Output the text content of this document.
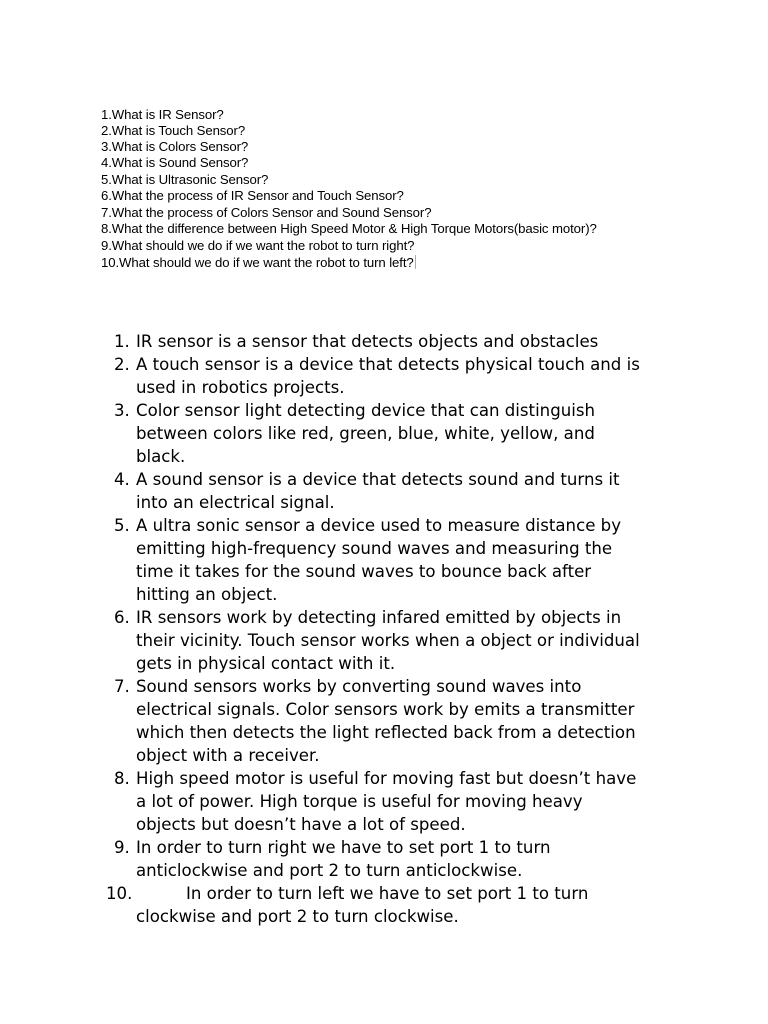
1.What is IR Sensor?
2.What is Touch Sensor?
3.What is Colors Sensor?
4.What is Sound Sensor?
5.What is Ultrasonic Sensor?
6.What the process of IR Sensor and Touch Sensor?
7.What the process of Colors Sensor and Sound Sensor?
8.What the difference between High Speed Motor & High Torque Motors(basic motor)?
9.What should we do if we want the robot to turn right?
10.What should we do if we want the robot to turn left?
1. IR sensor is a sensor that detects objects and obstacles
2. A touch sensor is a device that detects physical touch and is
used in robotics projects.
3. Color sensor light detecting device that can distinguish
between colors like red, green, blue, white, yellow, and
black.
4. A sound sensor is a device that detects sound and turns it
into an electrical signal.
5. A ultra sonic sensor a device used to measure distance by
emitting high-frequency sound waves and measuring the
time it takes for the sound waves to bounce back after
hitting an object.
6. IR sensors work by detecting infared emitted by objects in
their vicinity. Touch sensor works when a object or individual
gets in physical contact with it.
7. Sound sensors works by converting sound waves into
electrical signals. Color sensors work by emits a transmitter
which then detects the light reflected back from a detection
object with a receiver.
8. High speed motor is useful for moving fast but doesn’t have
a lot of power. High torque is useful for moving heavy
objects but doesn’t have a lot of speed.
9. In order to turn right we have to set port 1 to turn
anticlockwise and port 2 to turn anticlockwise.
10.	In order to turn left we have to set port 1 to turn
clockwise and port 2 to turn clockwise.
